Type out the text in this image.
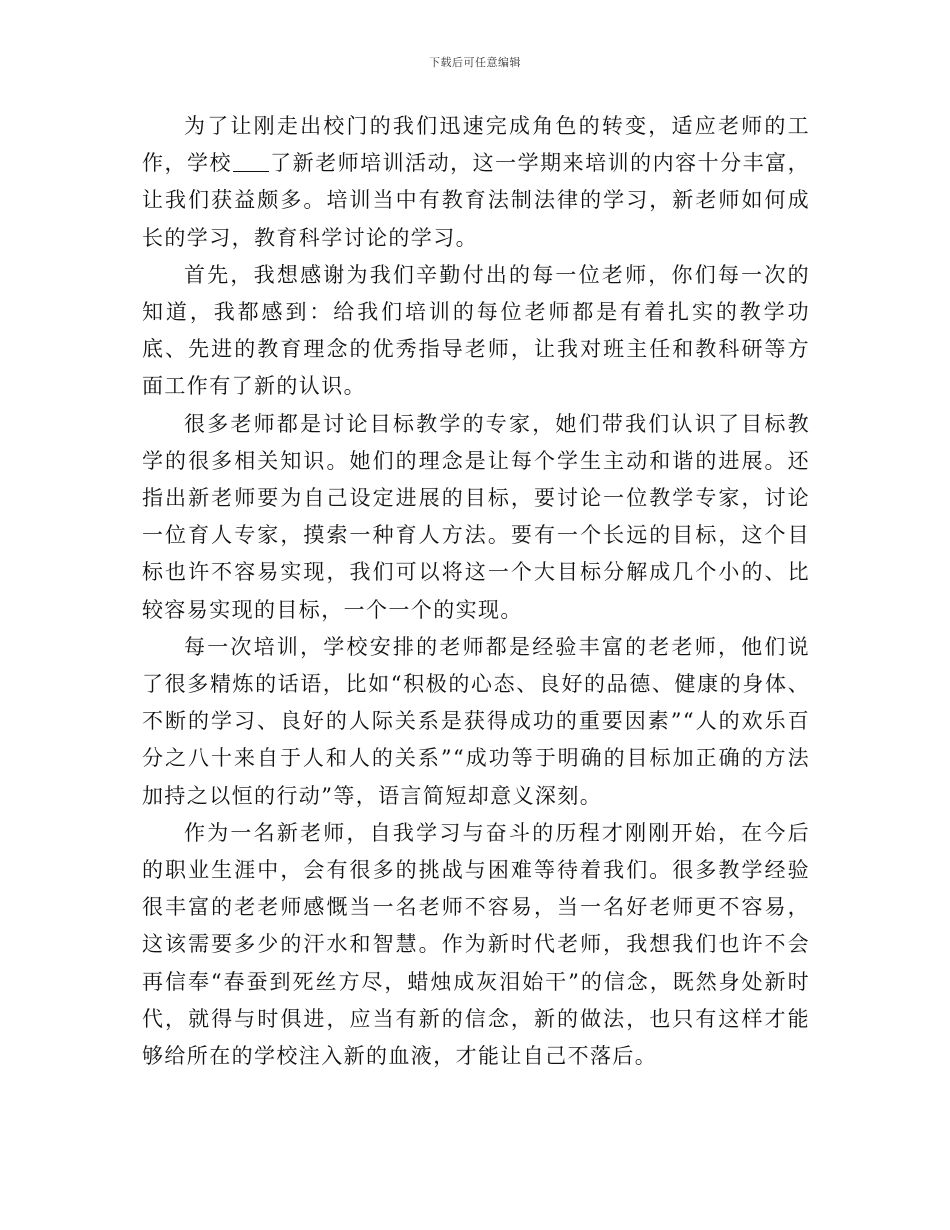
下载后可任意编辑

为了让刚走出校门的我们迅速完成角色的转变，适应老师的工作，学校 了新老师培训活动，这一学期来培训的内容十分丰富，让我们获益颇多。培训当中有教育法制法律的学习，新老师如何成长的学习，教育科学讨论的学习。

首先，我想感谢为我们辛勤付出的每一位老师，你们每一次的知道，我都感到：给我们培训的每位老师都是有着扎实的教学功底、先进的教育理念的优秀指导老师，让我对班主任和教科研等方面工作有了新的认识。

很多老师都是讨论目标教学的专家，她们带我们认识了目标教学的很多相关知识。她们的理念是让每个学生主动和谐的进展。还指出新老师要为自己设定进展的目标，要讨论一位教学专家，讨论一位育人专家，摸索一种育人方法。要有一个长远的目标，这个目标也许不容易实现，我们可以将这一个大目标分解成几个小的、比较容易实现的目标，一个一个的实现。

每一次培训，学校安排的老师都是经验丰富的老老师，他们说了很多精炼的话语，比如“积极的心态、良好的品德、健康的身体、不断的学习、良好的人际关系是获得成功的重要因素”“人的欢乐百分之八十来自于人和人的关系”“成功等于明确的目标加正确的方法加持之以恒的行动”等，语言简短却意义深刻。

作为一名新老师，自我学习与奋斗的历程才刚刚开始，在今后的职业生涯中，会有很多的挑战与困难等待着我们。很多教学经验很丰富的老老师感慨当一名老师不容易，当一名好老师更不容易，这该需要多少的汗水和智慧。作为新时代老师，我想我们也许不会再信奉“春蚕到死丝方尽，蜡烛成灰泪始干”的信念，既然身处新时代，就得与时俱进，应当有新的信念，新的做法，也只有这样才能够给所在的学校注入新的血液，才能让自己不落后。
